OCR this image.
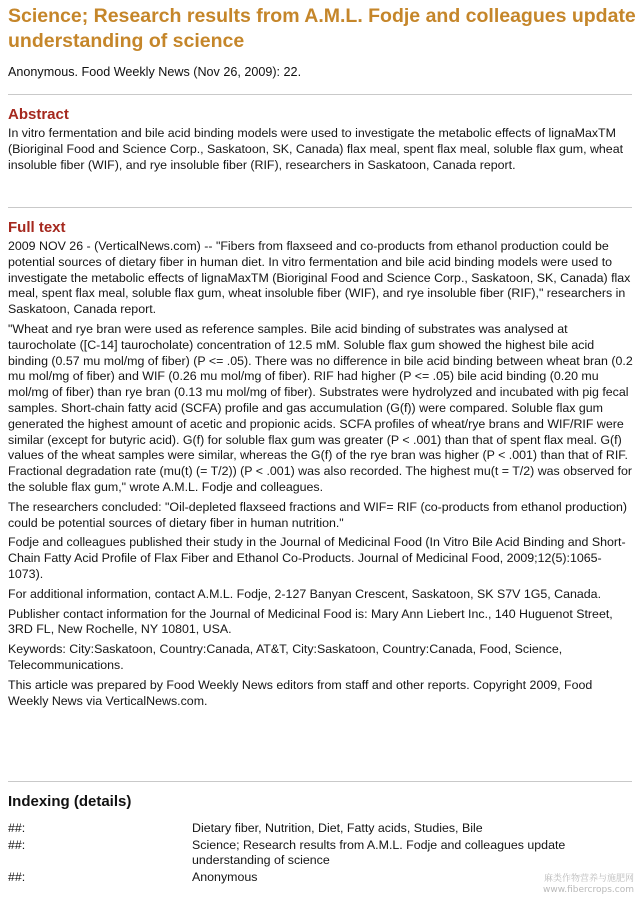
Science; Research results from A.M.L. Fodje and colleagues update understanding of science
Anonymous. Food Weekly News (Nov 26, 2009): 22.
Abstract

In vitro fermentation and bile acid binding models were used to investigate the metabolic effects of lignaMaxTM (Bioriginal Food and Science Corp., Saskatoon, SK, Canada) flax meal, spent flax meal, soluble flax gum, wheat insoluble fiber (WIF), and rye insoluble fiber (RIF), researchers in Saskatoon, Canada report.

Full text

2009 NOV 26 - (VerticalNews.com) -- "Fibers from flaxseed and co-products from ethanol production could be potential sources of dietary fiber in human diet. In vitro fermentation and bile acid binding models were used to investigate the metabolic effects of lignaMaxTM (Bioriginal Food and Science Corp., Saskatoon, SK, Canada) flax meal, spent flax meal, soluble flax gum, wheat insoluble fiber (WIF), and rye insoluble fiber (RIF)," researchers in Saskatoon, Canada report.

"Wheat and rye bran were used as reference samples. Bile acid binding of substrates was analysed at taurocholate ([C-14] taurocholate) concentration of 12.5 mM. Soluble flax gum showed the highest bile acid binding (0.57 mu mol/mg of fiber) (P <= .05). There was no difference in bile acid binding between wheat bran (0.2 mu mol/mg of fiber) and WIF (0.26 mu mol/mg of fiber). RIF had higher (P <= .05) bile acid binding (0.20 mu mol/mg of fiber) than rye bran (0.13 mu mol/mg of fiber). Substrates were hydrolyzed and incubated with pig fecal samples. Short-chain fatty acid (SCFA) profile and gas accumulation (G(f)) were compared. Soluble flax gum generated the highest amount of acetic and propionic acids. SCFA profiles of wheat/rye brans and WIF/RIF were similar (except for butyric acid). G(f) for soluble flax gum was greater (P < .001) than that of spent flax meal. G(f) values of the wheat samples were similar, whereas the G(f) of the rye bran was higher (P < .001) than that of RIF. Fractional degradation rate (mu(t) (= T/2)) (P < .001) was also recorded. The highest mu(t = T/2) was observed for the soluble flax gum," wrote A.M.L. Fodje and colleagues.

The researchers concluded: "Oil-depleted flaxseed fractions and WIF= RIF (co-products from ethanol production) could be potential sources of dietary fiber in human nutrition."

Fodje and colleagues published their study in the Journal of Medicinal Food (In Vitro Bile Acid Binding and Short-Chain Fatty Acid Profile of Flax Fiber and Ethanol Co-Products. Journal of Medicinal Food, 2009;12(5):1065-1073).

For additional information, contact A.M.L. Fodje, 2-127 Banyan Crescent, Saskatoon, SK S7V 1G5, Canada.

Publisher contact information for the Journal of Medicinal Food is: Mary Ann Liebert Inc., 140 Huguenot Street, 3RD FL, New Rochelle, NY 10801, USA.

Keywords: City:Saskatoon, Country:Canada, AT&T, City:Saskatoon, Country:Canada, Food, Science, Telecommunications.

This article was prepared by Food Weekly News editors from staff and other reports. Copyright 2009, Food Weekly News via VerticalNews.com.

Indexing (details)
##:	Dietary fiber, Nutrition, Diet, Fatty acids, Studies, Bile
##:	Science; Research results from A.M.L. Fodje and colleagues update understanding of science
##:	Anonymous	麻类作物营养与施肥网
www.fibercrops.com
